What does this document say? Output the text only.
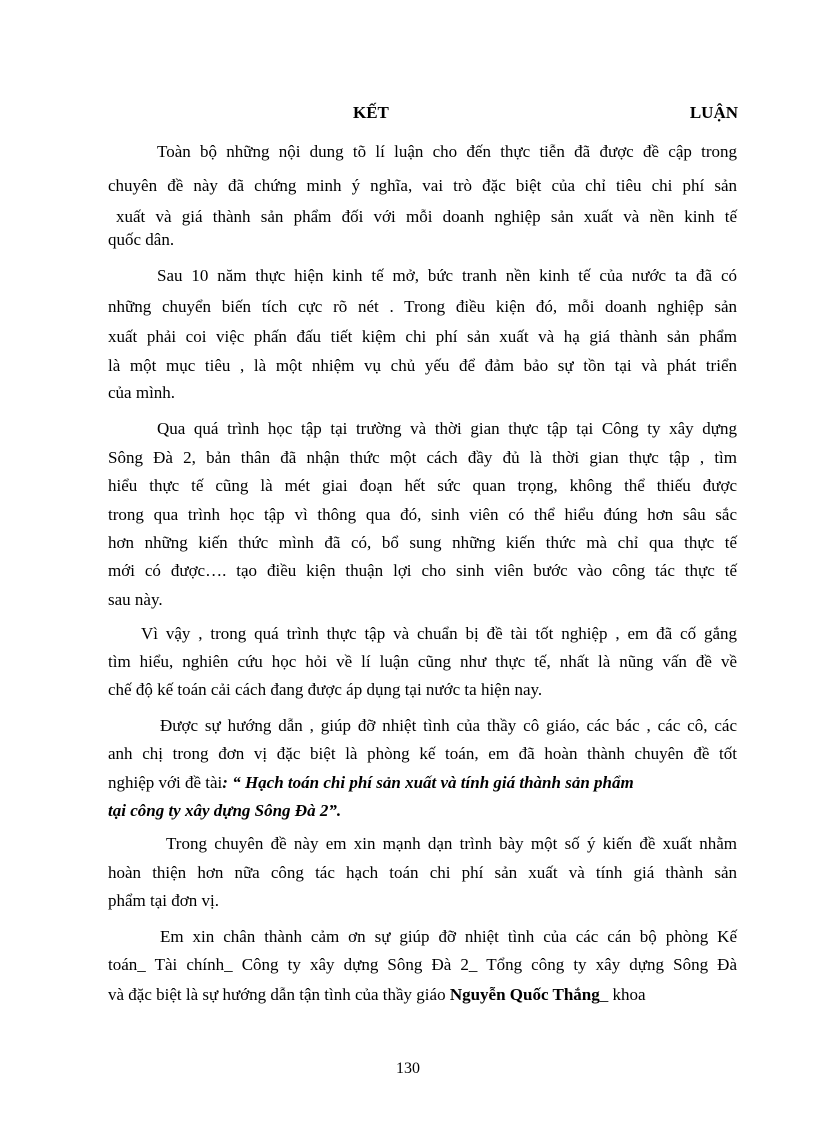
KẾT	LUẬN
Toàn bộ những nội dung tõ lí luận cho đến thực tiễn đã được đề cập trong
chuyên đề này đã chứng minh ý nghĩa, vai trò đặc biệt của chỉ tiêu chi phí sản
xuất và giá thành sản phẩm đối với mỗi doanh nghiệp sản xuất và nền kinh tế
quốc dân.
Sau 10 năm thực hiện kinh tế mở, bức tranh nền kinh tế của nước ta đã có
những chuyển biến tích cực rõ nét . Trong điều kiện đó, mỗi doanh nghiệp sản
xuất phải coi việc phấn đấu tiết kiệm chi phí sản xuất và hạ giá thành sản phẩm
là một mục tiêu , là một nhiệm vụ chủ yếu để đảm bảo sự tồn tại và phát triển
của mình.
Qua quá trình học tập tại trường và thời gian thực tập tại Công ty xây dựng
Sông Đà 2, bản thân đã nhận thức một cách đầy đủ là thời gian thực tập , tìm
hiểu thực tế cũng là mét giai đoạn hết sức quan trọng, không thể thiếu được
trong qua trình học tập vì thông qua đó, sinh viên có thể hiểu đúng hơn sâu sắc
hơn những kiến thức mình đã có, bổ sung những kiến thức mà chỉ qua thực tế
mới có được…. tạo điều kiện thuận lợi cho sinh viên bước vào công tác thực tế
sau này.
Vì vậy , trong quá trình thực tập và chuẩn bị đề tài tốt nghiệp , em đã cố gắng
tìm hiểu, nghiên cứu học hỏi về lí luận cũng như thực tế, nhất là nũng vấn đề về
chế độ kế toán cải cách đang được áp dụng tại nước ta hiện nay.
Được sự hướng dẫn , giúp đỡ nhiệt tình của thầy cô giáo, các bác , các cô, các
anh chị trong đơn vị đặc biệt là phòng kế toán, em đã hoàn thành chuyên đề tốt
nghiệp với đề tài: “ Hạch toán chi phí sản xuất và tính giá thành sản phẩm
tại công ty xây dựng Sông Đà 2”.
Trong chuyên đề này em xin mạnh dạn trình bày một số ý kiến đề xuất nhằm
hoàn thiện hơn nữa công tác hạch toán chi phí sản xuất và tính giá thành sản
phẩm tại đơn vị.
Em xin chân thành cảm ơn sự giúp đỡ nhiệt tình của các cán bộ phòng Kế
toán_ Tài chính_ Công ty xây dựng Sông Đà 2_ Tổng công ty xây dựng Sông Đà
và đặc biệt là sự hướng dẫn tận tình của thầy giáo Nguyễn Quốc Thắng_ khoa
130
